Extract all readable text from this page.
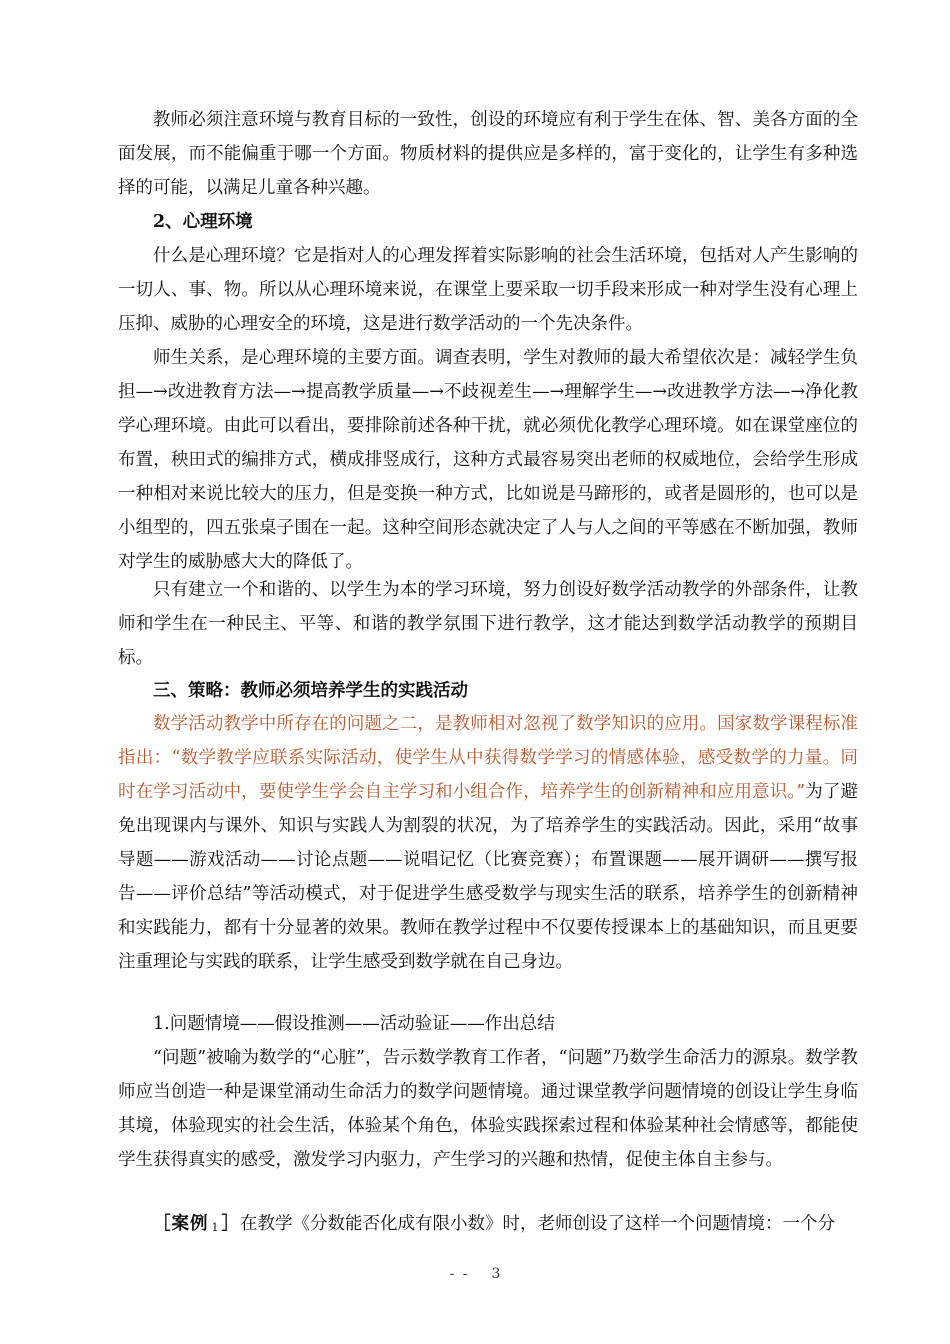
教师必须注意环境与教育目标的一致性，创设的环境应有利于学生在体、智、美各方面的全面发展，而不能偏重于哪一个方面。物质材料的提供应是多样的，富于变化的，让学生有多种选择的可能，以满足儿童各种兴趣。

2、心理环境

什么是心理环境？它是指对人的心理发挥着实际影响的社会生活环境，包括对人产生影响的一切人、事、物。所以从心理环境来说，在课堂上要采取一切手段来形成一种对学生没有心理上压抑、威胁的心理安全的环境，这是进行数学活动的一个先决条件。

师生关系，是心理环境的主要方面。调查表明，学生对教师的最大希望依次是：减轻学生负担—→改进教育方法—→提高教学质量—→不歧视差生—→理解学生—→改进教学方法—→净化教学心理环境。由此可以看出，要排除前述各种干扰，就必须优化教学心理环境。如在课堂座位的布置，秧田式的编排方式，横成排竖成行，这种方式最容易突出老师的权威地位，会给学生形成一种相对来说比较大的压力，但是变换一种方式，比如说是马蹄形的，或者是圆形的，也可以是小组型的，四五张桌子围在一起。这种空间形态就决定了人与人之间的平等感在不断加强，教师对学生的威胁感大大的降低了。

只有建立一个和谐的、以学生为本的学习环境，努力创设好数学活动教学的外部条件，让教师和学生在一种民主、平等、和谐的教学氛围下进行教学，这才能达到数学活动教学的预期目标。

三、策略：教师必须培养学生的实践活动

数学活动教学中所存在的问题之二，是教师相对忽视了数学知识的应用。国家数学课程标准指出：“数学教学应联系实际活动，使学生从中获得数学学习的情感体验，感受数学的力量。同时在学习活动中，要使学生学会自主学习和小组合作，培养学生的创新精神和应用意识。”为了避免出现课内与课外、知识与实践人为割裂的状况，为了培养学生的实践活动。因此，采用“故事导题——游戏活动——讨论点题——说唱记忆（比赛竞赛）；布置课题——展开调研——撰写报告——评价总结”等活动模式，对于促进学生感受数学与现实生活的联系，培养学生的创新精神和实践能力，都有十分显著的效果。教师在教学过程中不仅要传授课本上的基础知识，而且更要注重理论与实践的联系，让学生感受到数学就在自己身边。

1.问题情境——假设推测——活动验证——作出总结

“问题”被喻为数学的“心脏”，告示数学教育工作者，“问题”乃数学生命活力的源泉。数学教师应当创造一种是课堂涌动生命活力的数学问题情境。通过课堂教学问题情境的创设让学生身临其境，体验现实的社会生活，体验某个角色，体验实践探索过程和体验某种社会情感等，都能使学生获得真实的感受，激发学习内驱力，产生学习的兴趣和热情，促使主体自主参与。

［案例 1 ］在教学《分数能否化成有限小数》时，老师创设了这样一个问题情境：一个分

- - 3
